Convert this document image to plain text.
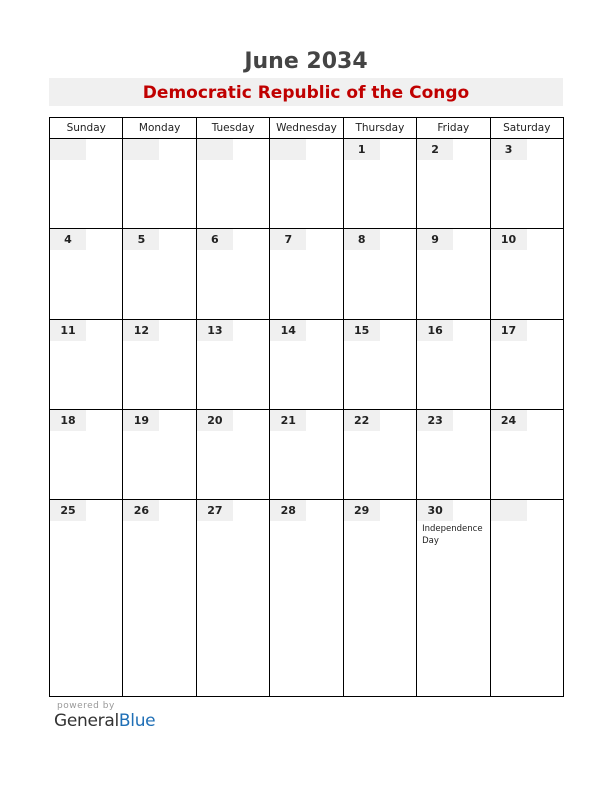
June 2034
Democratic Republic of the Congo
Sunday	Monday	Tuesday	Wednesday	Thursday	Friday	Saturday

				1	2	3

4	5	6	7	8	9	10

11	12	13	14	15	16	17

18	19	20	21	22	23	24

25	26	27	28	29	30
Independence Day	

powered by
GeneralBlue
